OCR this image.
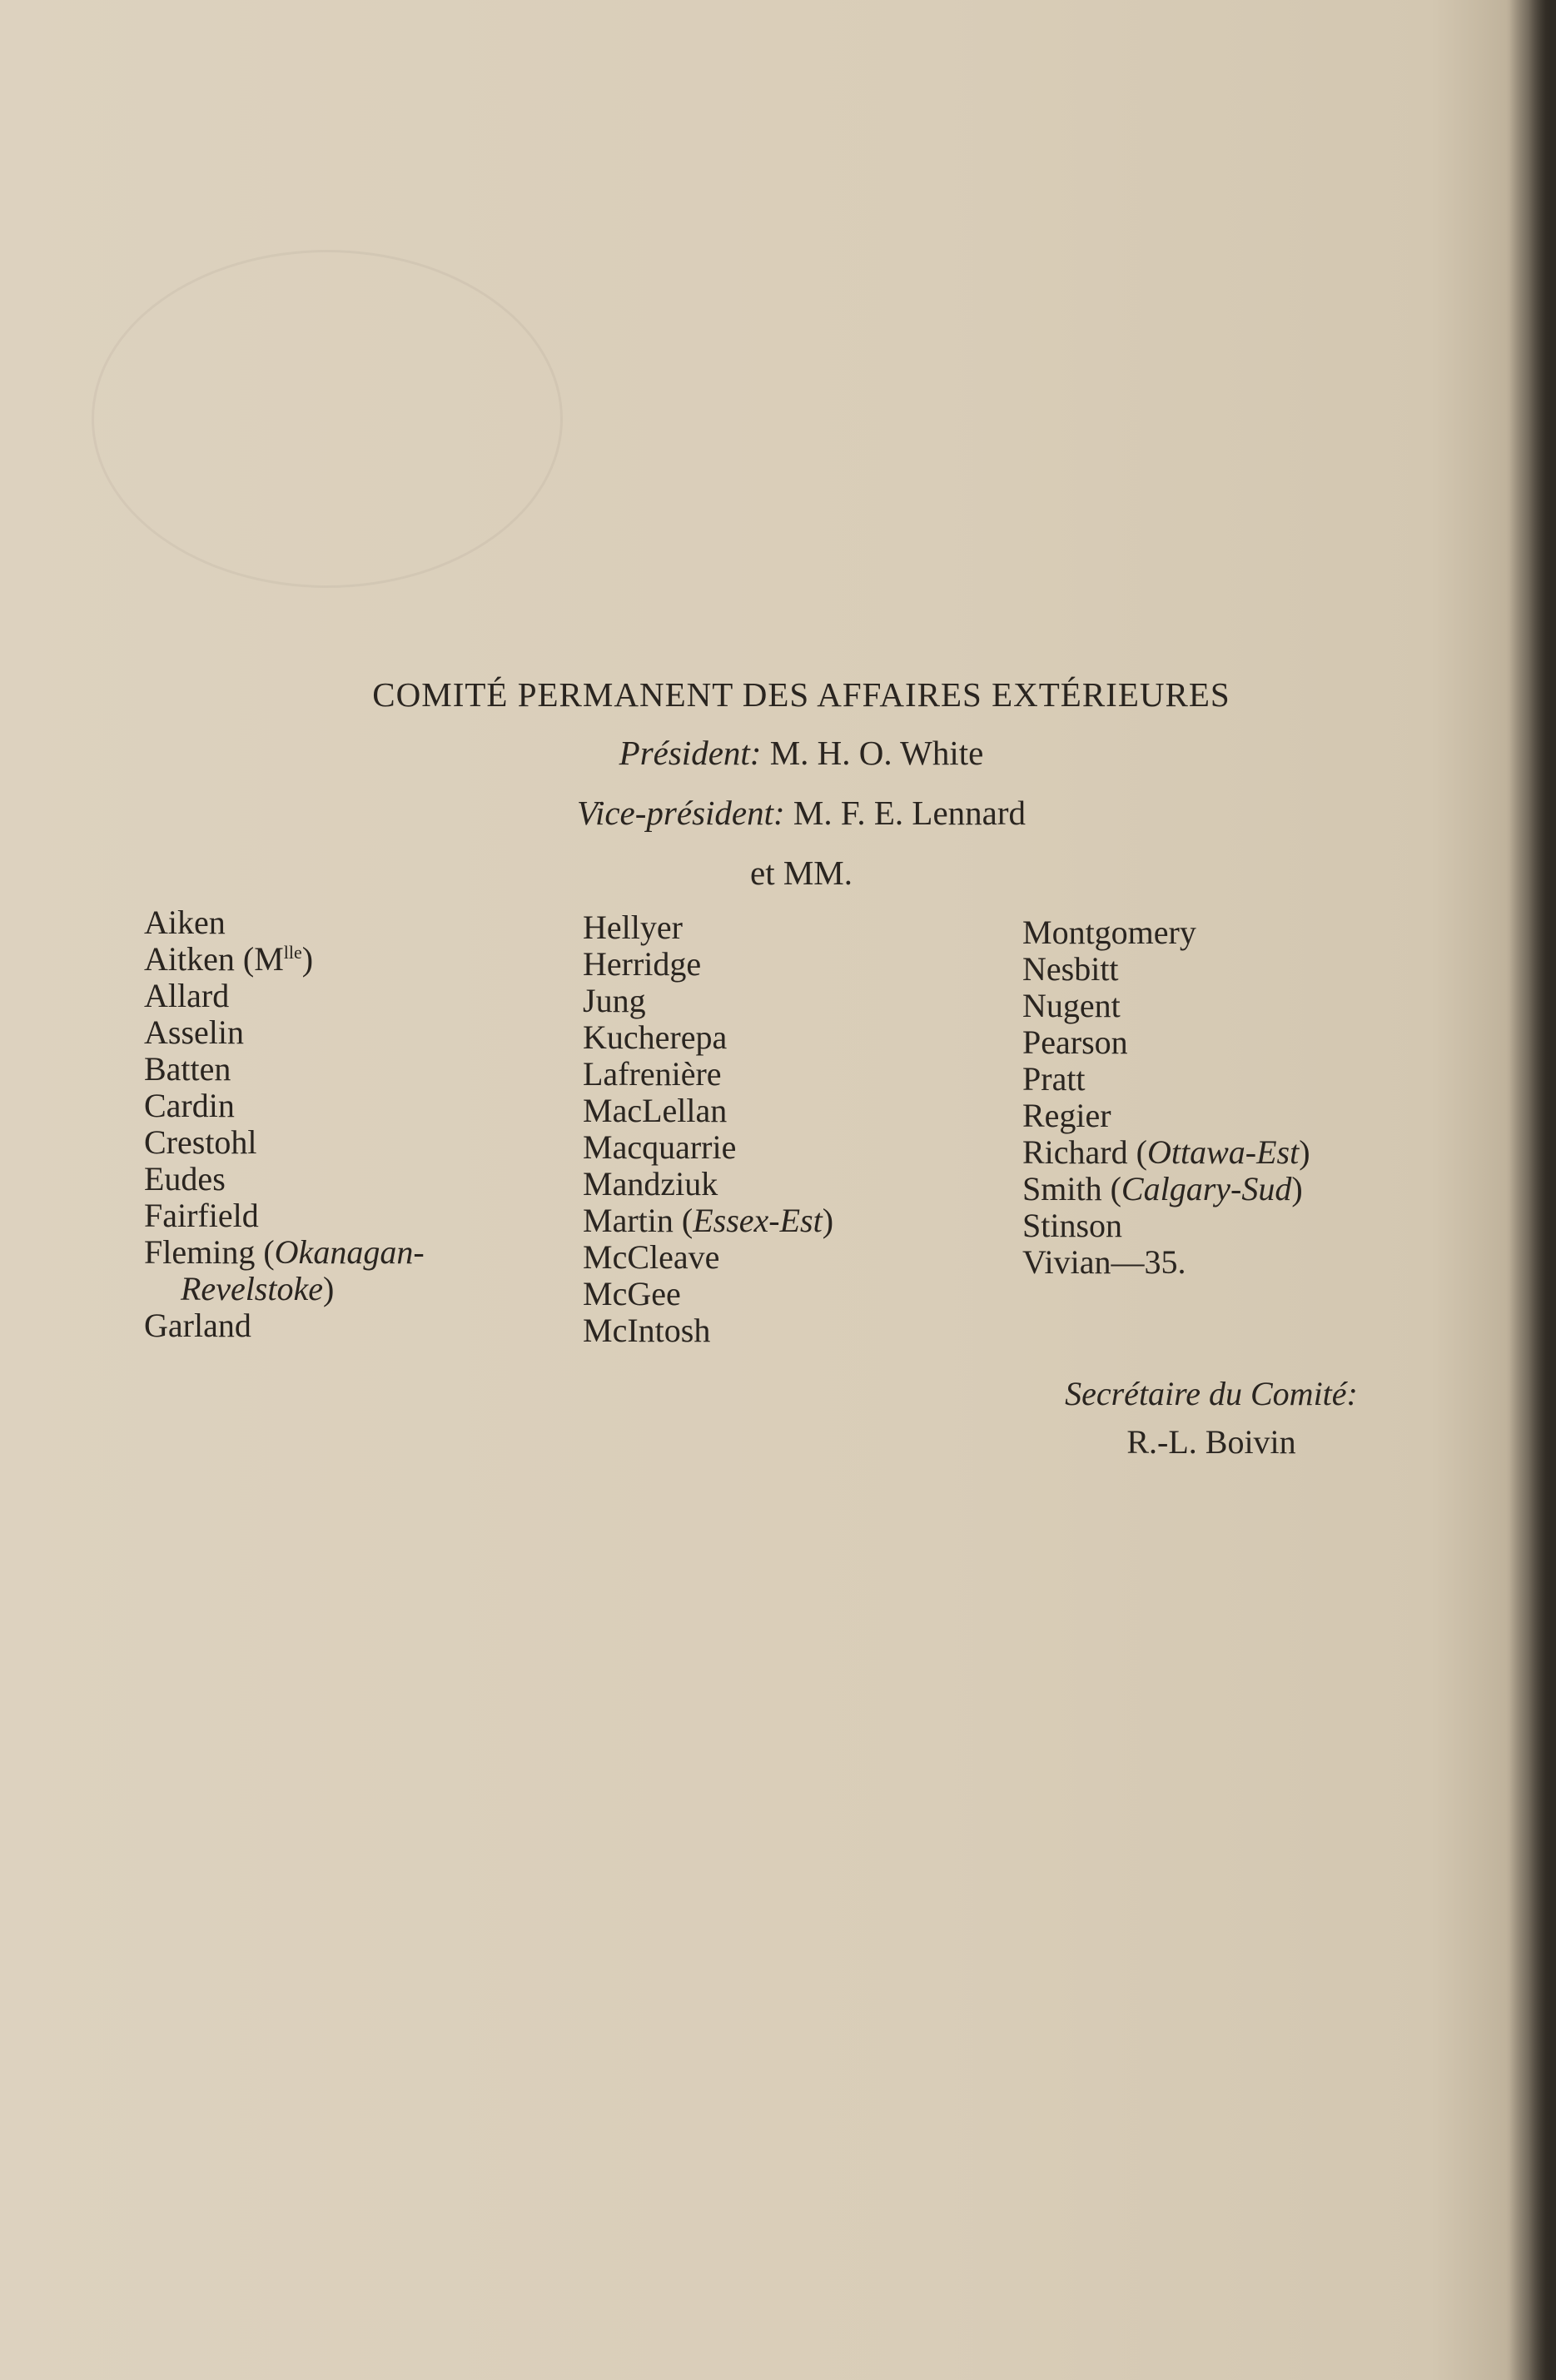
COMITÉ PERMANENT DES AFFAIRES EXTÉRIEURES
Président: M. H. O. White
Vice-président: M. F. E. Lennard
et MM.
Aiken
Aitken $(M^{lle})$
Allard
Asselin
Batten
Cardin
Crestohl
Eudes
Fairfield
Fleming (Okanagan-
Revelstoke)
Garland
Hellyer
Herridge
Jung
Kucherepa
Lafrenière
MacLellan
Macquarrie
Mandziuk
Martin (Essex-Est)
McCleave
McGee
McIntosh
Montgomery
Nesbitt
Nugent
Pearson
Pratt
Regier
Richard (Ottawa-Est)
Smith (Calgary-Sud)
Stinson
Vivian—35.
Secrétaire du Comité:
R.-L. Boivin
